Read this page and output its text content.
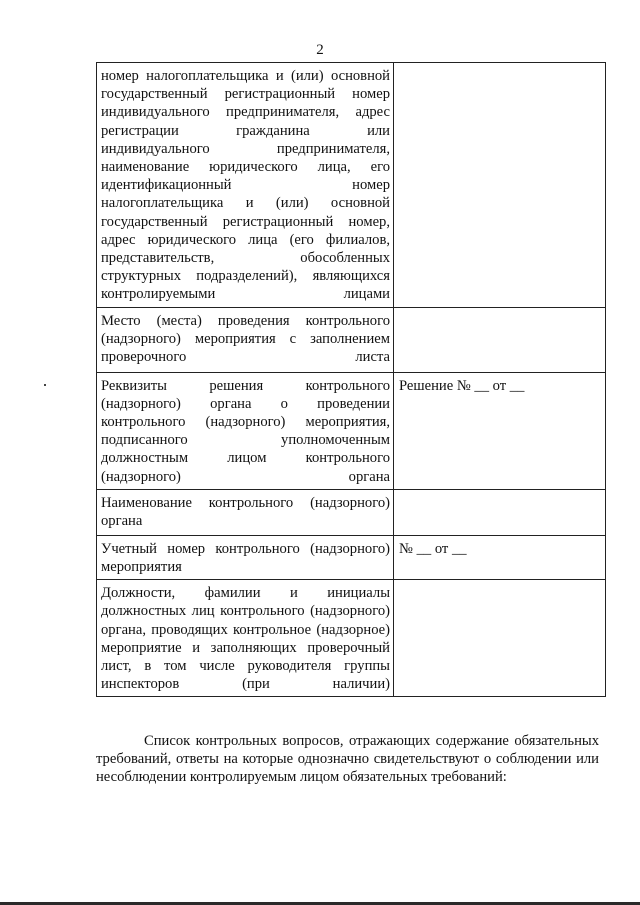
2
номер налогоплательщика и (или) основной государственный регистрационный номер индивидуального предпринимателя, адрес регистрации гражданина или индивидуального предпринимателя, наименование юридического лица, его идентификационный номер налогоплательщика и (или) основной государственный регистрационный номер, адрес юридического лица (его филиалов, представительств, обособленных структурных подразделений), являющихся контролируемыми лицами	

Место (места) проведения контрольного (надзорного) мероприятия с заполнением проверочного листа	

Реквизиты решения контрольного (надзорного) органа о проведении контрольного (надзорного) мероприятия, подписанного уполномоченным должностным лицом контрольного (надзорного) органа	Решение № __ от __

Наименование контрольного (надзорного) органа	

Учетный номер контрольного (надзорного) мероприятия	№ __ от __

Должности, фамилии и инициалы должностных лиц контрольного (надзорного) органа, проводящих контрольное (надзорное) мероприятие и заполняющих проверочный лист, в том числе руководителя группы инспекторов (при наличии)	

Список контрольных вопросов, отражающих содержание обязательных требований, ответы на которые однозначно свидетельствуют о соблюдении или несоблюдении контролируемым лицом обязательных требований:
